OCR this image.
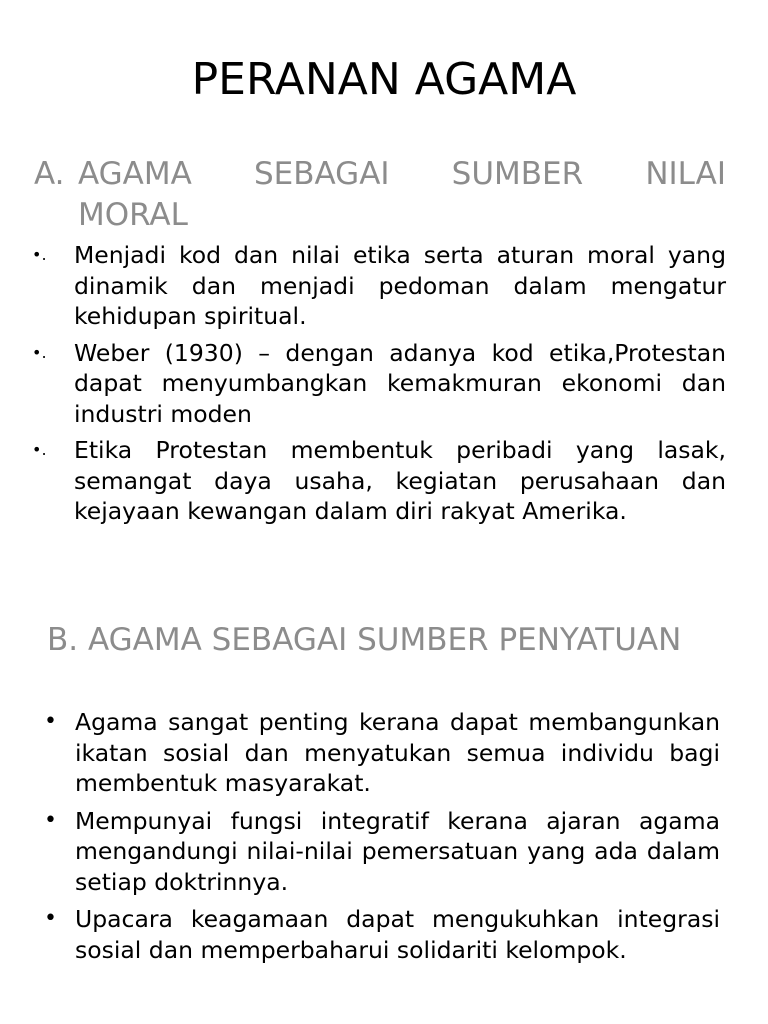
PERANAN AGAMA
A. AGAMA SEBAGAI SUMBER NILAI
MORAL
•. Menjadi kod dan nilai etika serta aturan moral yang dinamik dan menjadi pedoman dalam mengatur kehidupan spiritual.
•. Weber (1930) – dengan adanya kod etika,Protestan dapat menyumbangkan kemakmuran ekonomi dan industri moden
•. Etika Protestan membentuk peribadi yang lasak, semangat daya usaha, kegiatan perusahaan dan kejayaan kewangan dalam diri rakyat Amerika.
B. AGAMA SEBAGAI SUMBER PENYATUAN
• Agama sangat penting kerana dapat membangunkan ikatan sosial dan menyatukan semua individu bagi membentuk masyarakat.
• Mempunyai fungsi integratif kerana ajaran agama mengandungi nilai-nilai pemersatuan yang ada dalam setiap doktrinnya.
• Upacara keagamaan dapat mengukuhkan integrasi sosial dan memperbaharui solidariti kelompok.
